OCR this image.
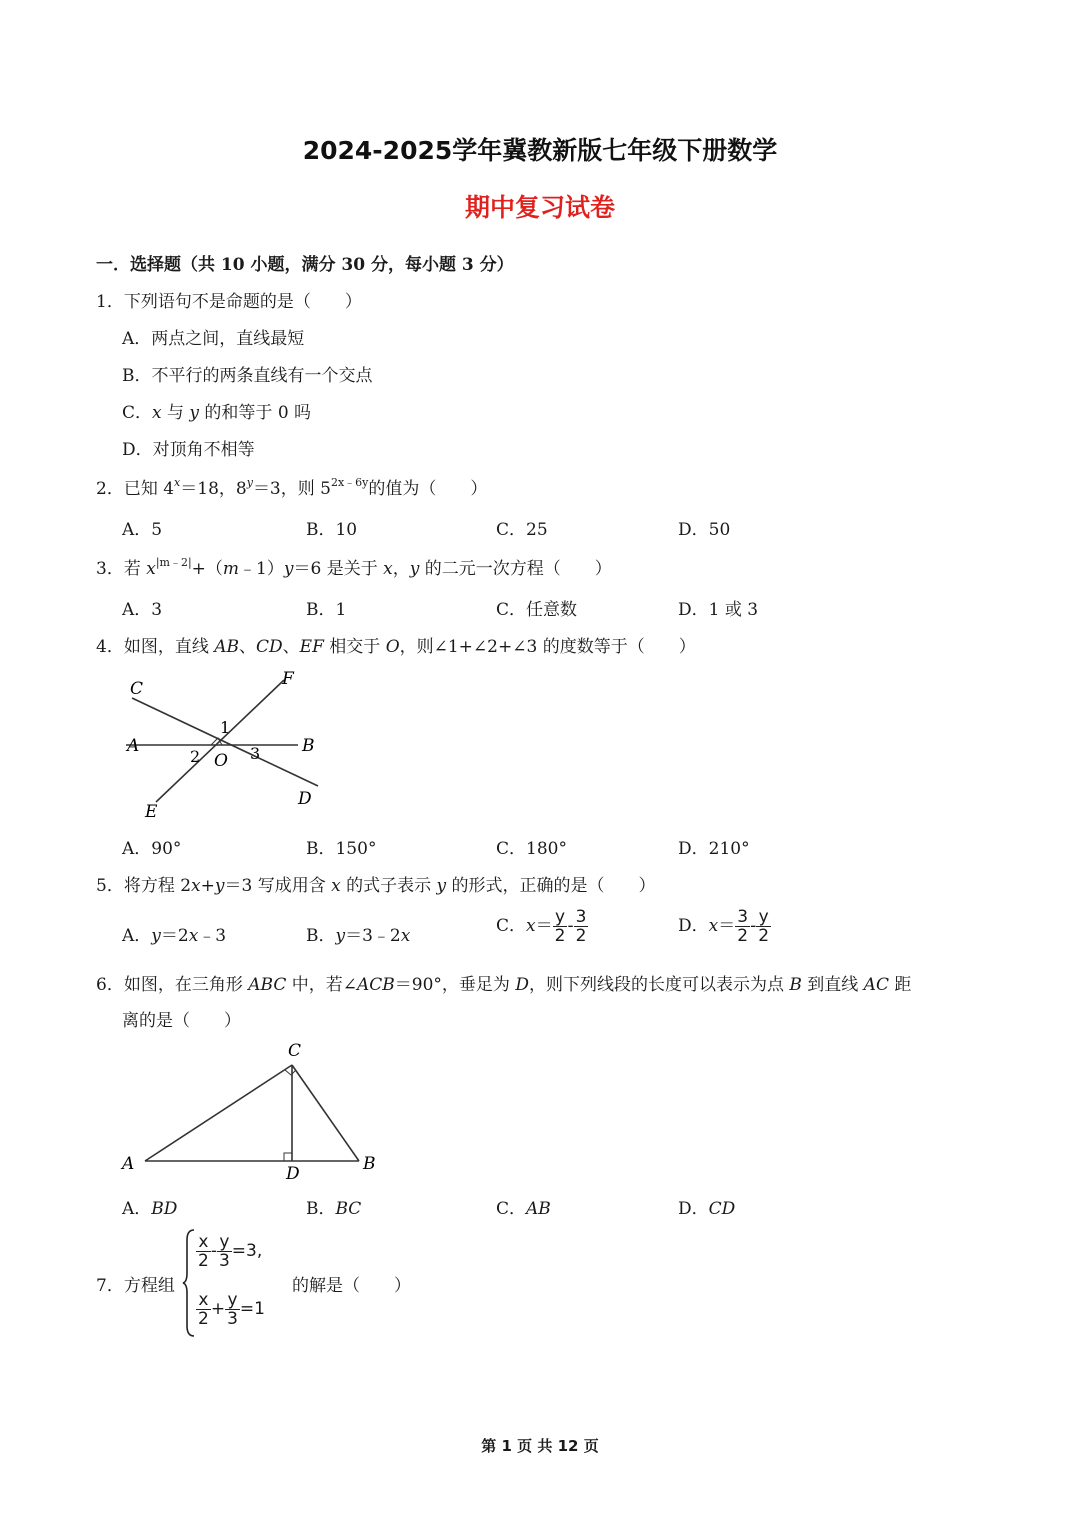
2024-2025学年冀教新版七年级下册数学
期中复习试卷
一．选择题（共 10 小题，满分 30 分，每小题 3 分）
1．下列语句不是命题的是（　　）
A．两点之间，直线最短
B．不平行的两条直线有一个交点
C．x 与 y 的和等于 0 吗
D．对顶角不相等
2．已知 $4^x=18$，$8^y=3$，则 $5^{2x﹣6y}$的值为（　　）
A．5	B．10	C．25	D．50
3．若 $x^{|m﹣2|}+(m﹣1)y=6$ 是关于 x，y 的二元一次方程（　　）
A．3	B．1	C．任意数	D．1 或 3
4．如图，直线 AB、CD、EF 相交于 O，则∠1+∠2+∠3 的度数等于（　　）
C	F
A	B
E
D
O
1
2	3
A．90°	B．150°	C．180°	D．210°
5．将方程 2x+y＝3 写成用含 x 的式子表示 y 的形式，正确的是（　　）
A．y＝2x﹣3	B．y＝3﹣2x	C．$x= \frac{y}{2} - \frac{3}{2}$	D．$x= \frac{3}{2} - \frac{y}{2}$
6．如图，在三角形 ABC 中，若∠ACB＝90°，垂足为 D，则下列线段的长度可以表示为点 B 到直线 AC 距
离的是（　　）
A	B
C
D
A．BD	B．BC	C．AB	D．CD
7．方程组
$\frac{x}{2} - \frac{y}{3} =3$,
$\frac{x}{2} + \frac{y}{3} =1$
的解是（　　）
第 1 页 共 12 页
